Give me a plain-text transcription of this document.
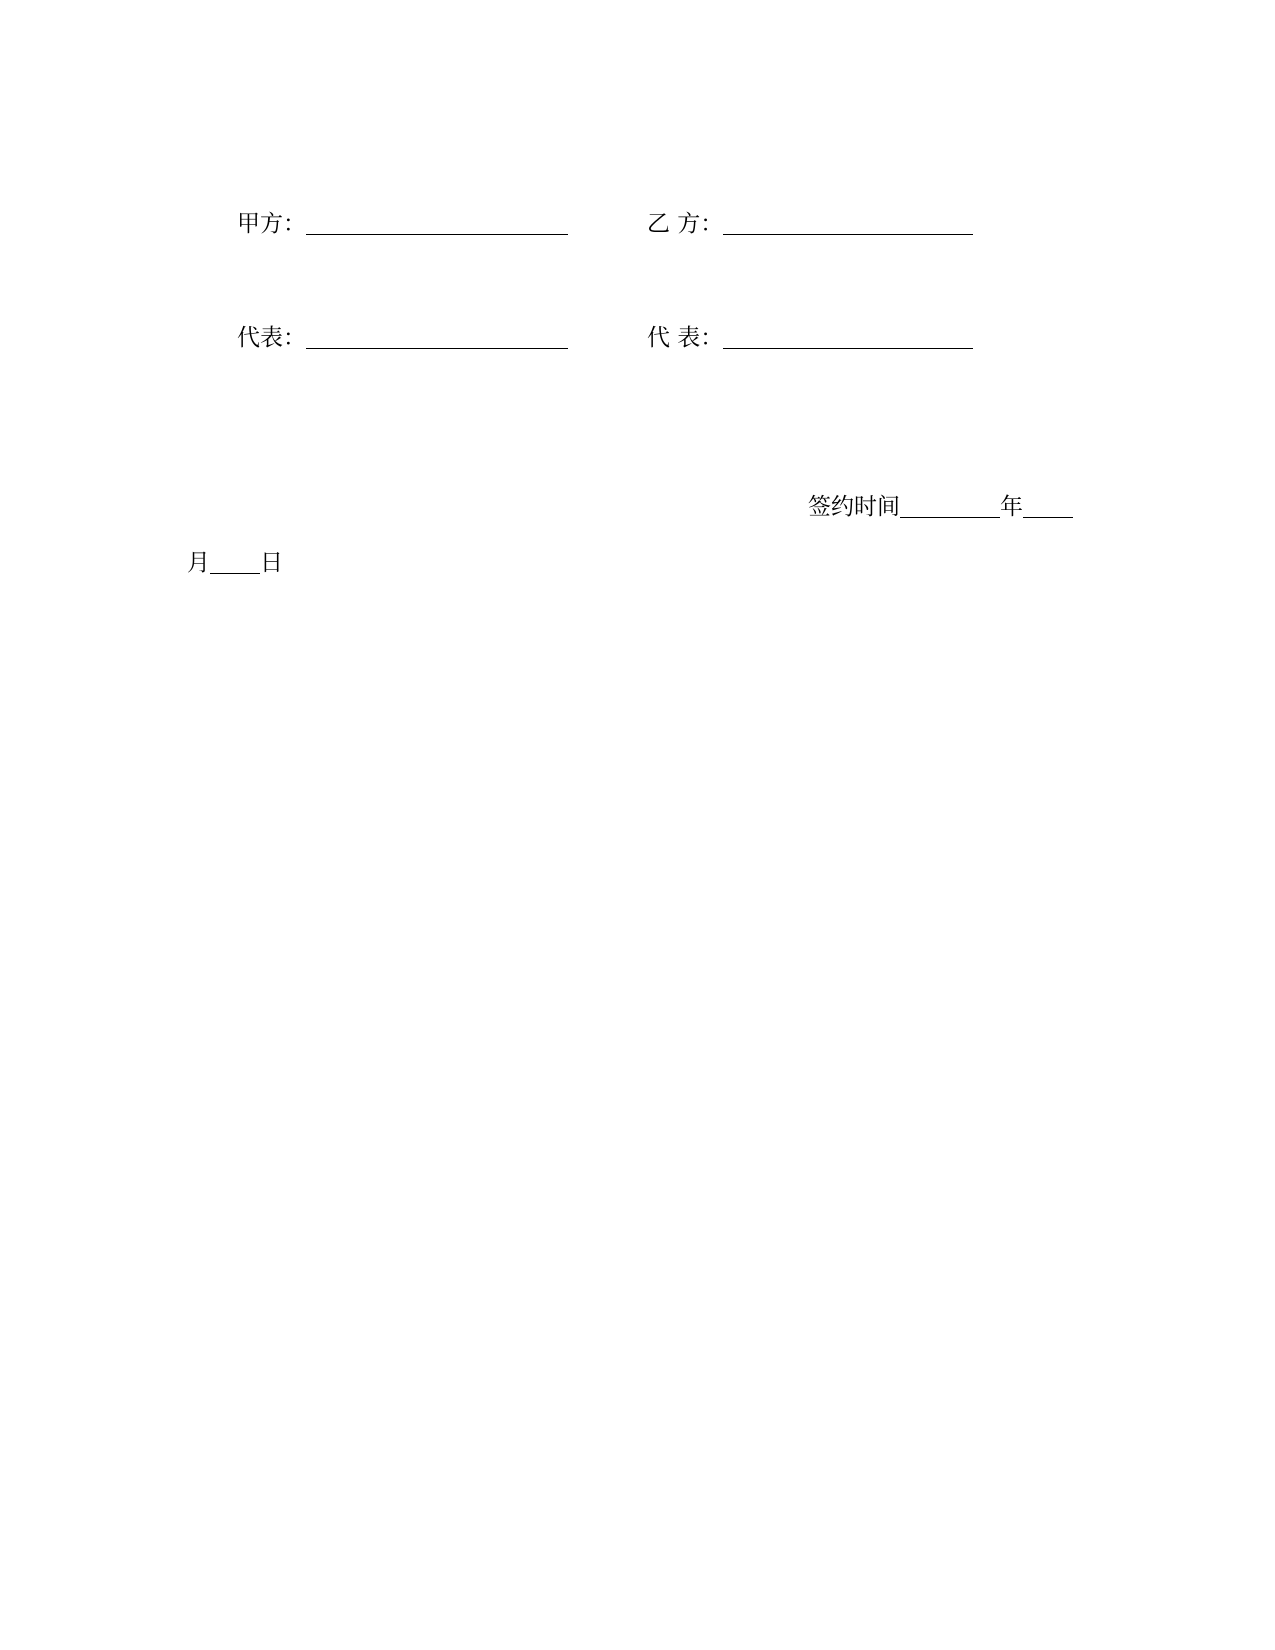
甲方：	乙 方：
代表：	代 表：
签约时间	年
月 日
